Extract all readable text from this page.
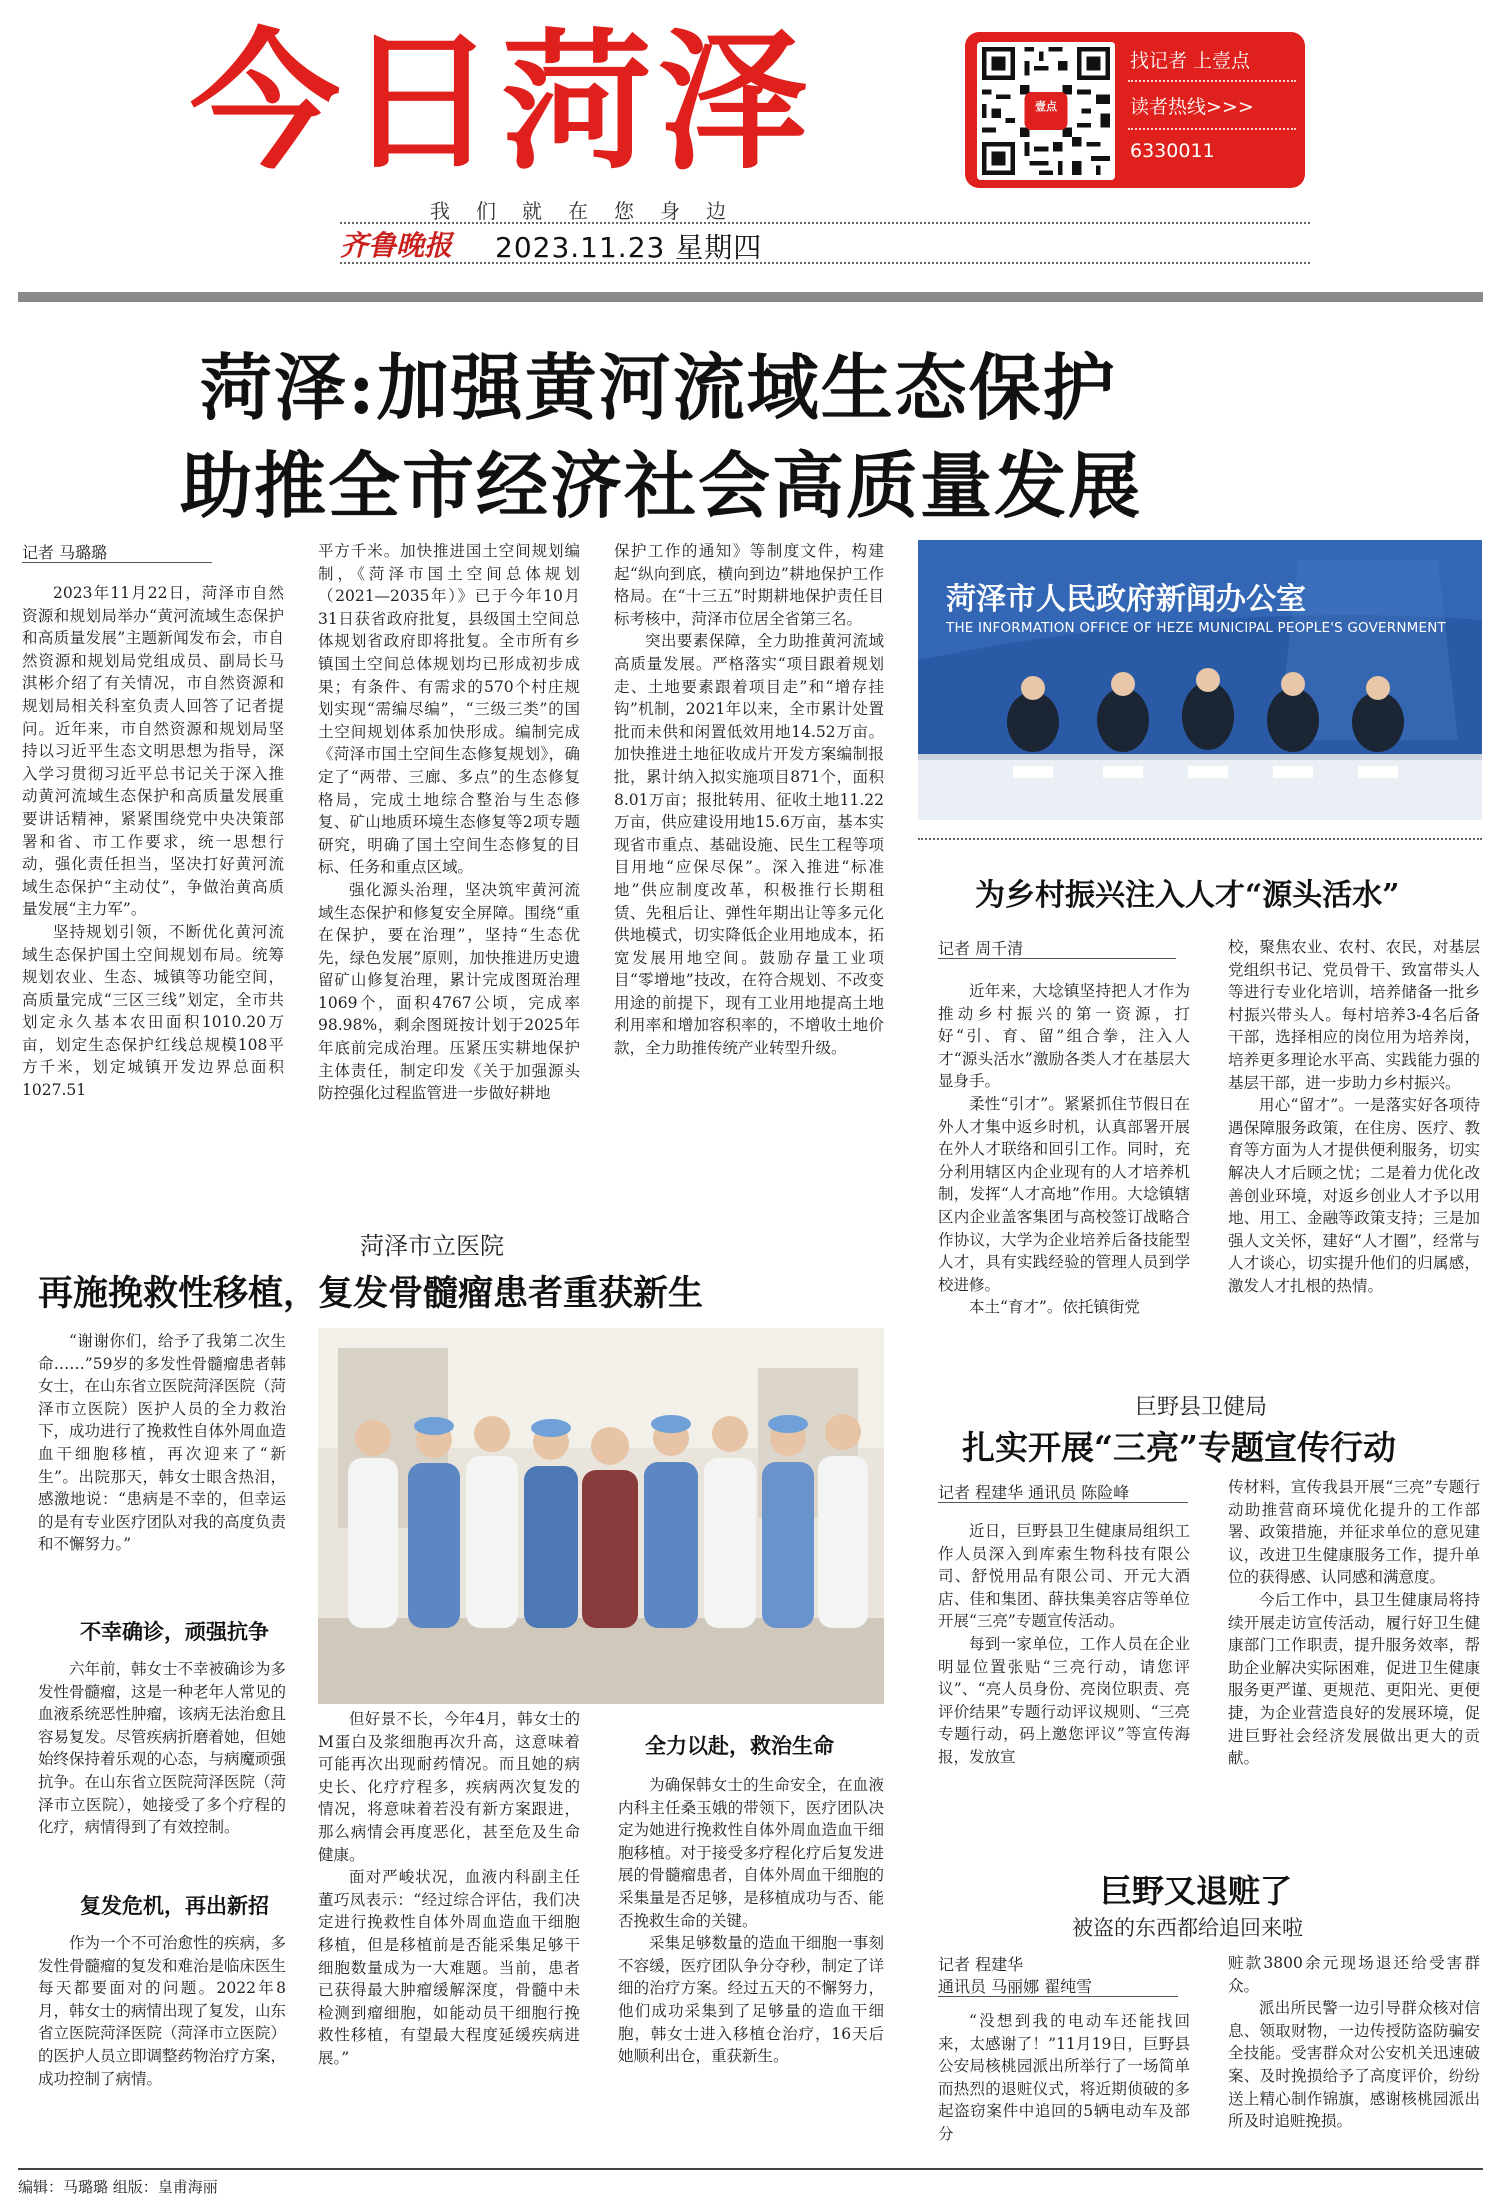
今日菏泽	壹点
找记者 上壹点
读者热线>>>
6330011
我们就在您身边
齐鲁晚报 2023.11.23 星期四
菏泽:加强黄河流域生态保护
助推全市经济社会高质量发展
记者 马璐璐

2023年11月22日，菏泽市自然资源和规划局举办“黄河流域生态保护和高质量发展”主题新闻发布会，市自然资源和规划局党组成员、副局长马淇彬介绍了有关情况，市自然资源和规划局相关科室负责人回答了记者提问。近年来，市自然资源和规划局坚持以习近平生态文明思想为指导，深入学习贯彻习近平总书记关于深入推动黄河流域生态保护和高质量发展重要讲话精神，紧紧围绕党中央决策部署和省、市工作要求，统一思想行动，强化责任担当，坚决打好黄河流域生态保护“主动仗”，争做治黄高质量发展“主力军”。

坚持规划引领，不断优化黄河流域生态保护国土空间规划布局。统筹规划农业、生态、城镇等功能空间，高质量完成“三区三线”划定，全市共划定永久基本农田面积1010.20万亩，划定生态保护红线总规模108平方千米，划定城镇开发边界总面积1027.51

平方千米。加快推进国土空间规划编制，《菏泽市国土空间总体规划（2021—2035年）》已于今年10月31日获省政府批复，县级国土空间总体规划省政府即将批复。全市所有乡镇国土空间总体规划均已形成初步成果；有条件、有需求的570个村庄规划实现“需编尽编”，“三级三类”的国土空间规划体系加快形成。编制完成《菏泽市国土空间生态修复规划》，确定了“两带、三廊、多点”的生态修复格局，完成土地综合整治与生态修复、矿山地质环境生态修复等2项专题研究，明确了国土空间生态修复的目标、任务和重点区域。

强化源头治理，坚决筑牢黄河流域生态保护和修复安全屏障。围绕“重在保护，要在治理”，坚持“生态优先，绿色发展”原则，加快推进历史遗留矿山修复治理，累计完成图斑治理1069个，面积4767公顷，完成率98.98%，剩余图斑按计划于2025年年底前完成治理。压紧压实耕地保护主体责任，制定印发《关于加强源头防控强化过程监管进一步做好耕地

保护工作的通知》等制度文件，构建起“纵向到底，横向到边”耕地保护工作格局。在“十三五”时期耕地保护责任目标考核中，菏泽市位居全省第三名。

突出要素保障，全力助推黄河流域高质量发展。严格落实“项目跟着规划走、土地要素跟着项目走”和“增存挂钩”机制，2021年以来，全市累计处置批而未供和闲置低效用地14.52万亩。加快推进土地征收成片开发方案编制报批，累计纳入拟实施项目871个，面积8.01万亩；报批转用、征收土地11.22万亩，供应建设用地15.6万亩，基本实现省市重点、基础设施、民生工程等项目用地“应保尽保”。深入推进“标准地”供应制度改革，积极推行长期租赁、先租后让、弹性年期出让等多元化供地模式，切实降低企业用地成本，拓宽发展用地空间。鼓励存量工业项目“零增地”技改，在符合规划、不改变用途的前提下，现有工业用地提高土地利用率和增加容积率的，不增收土地价款，全力助推传统产业转型升级。

菏泽市人民政府新闻办公室
THE INFORMATION OFFICE OF HEZE MUNICIPAL PEOPLE'S GOVERNMENT
为乡村振兴注入人才“源头活水”
记者 周千清

近年来，大埝镇坚持把人才作为推动乡村振兴的第一资源，打好“引、育、留”组合拳，注入人才“源头活水”激励各类人才在基层大显身手。

柔性“引才”。紧紧抓住节假日在外人才集中返乡时机，认真部署开展在外人才联络和回引工作。同时，充分利用辖区内企业现有的人才培养机制，发挥“人才高地”作用。大埝镇辖区内企业盖客集团与高校签订战略合作协议，大学为企业培养后备技能型人才，具有实践经验的管理人员到学校进修。

本土“育才”。依托镇街党

校，聚焦农业、农村、农民，对基层党组织书记、党员骨干、致富带头人等进行专业化培训，培养储备一批乡村振兴带头人。每村培养3-4名后备干部，选择相应的岗位用为培养岗，培养更多理论水平高、实践能力强的基层干部，进一步助力乡村振兴。

用心“留才”。一是落实好各项待遇保障服务政策，在住房、医疗、教育等方面为人才提供便利服务，切实解决人才后顾之忧；二是着力优化改善创业环境，对返乡创业人才予以用地、用工、金融等政策支持；三是加强人文关怀，建好“人才圈”，经常与人才谈心，切实提升他们的归属感，激发人才扎根的热情。

菏泽市立医院
再施挽救性移植，复发骨髓瘤患者重获新生

“谢谢你们，给予了我第二次生命……”59岁的多发性骨髓瘤患者韩女士，在山东省立医院菏泽医院（菏泽市立医院）医护人员的全力救治下，成功进行了挽救性自体外周血造血干细胞移植，再次迎来了“新生”。出院那天，韩女士眼含热泪，感激地说：“患病是不幸的，但幸运的是有专业医疗团队对我的高度负责和不懈努力。”

不幸确诊，顽强抗争

六年前，韩女士不幸被确诊为多发性骨髓瘤，这是一种老年人常见的血液系统恶性肿瘤，该病无法治愈且容易复发。尽管疾病折磨着她，但她始终保持着乐观的心态，与病魔顽强抗争。在山东省立医院菏泽医院（菏泽市立医院），她接受了多个疗程的化疗，病情得到了有效控制。

复发危机，再出新招

作为一个不可治愈性的疾病，多发性骨髓瘤的复发和难治是临床医生每天都要面对的问题。2022年8月，韩女士的病情出现了复发，山东省立医院菏泽医院（菏泽市立医院）的医护人员立即调整药物治疗方案，成功控制了病情。

但好景不长，今年4月，韩女士的M蛋白及浆细胞再次升高，这意味着可能再次出现耐药情况。而且她的病史长、化疗疗程多，疾病两次复发的情况，将意味着若没有新方案跟进，那么病情会再度恶化，甚至危及生命健康。

面对严峻状况，血液内科副主任董巧凤表示：“经过综合评估，我们决定进行挽救性自体外周血造血干细胞移植，但是移植前是否能采集足够干细胞数量成为一大难题。当前，患者已获得最大肿瘤缓解深度，骨髓中未检测到瘤细胞，如能动员干细胞行挽救性移植，有望最大程度延缓疾病进展。”

全力以赴，救治生命

为确保韩女士的生命安全，在血液内科主任桑玉娥的带领下，医疗团队决定为她进行挽救性自体外周血造血干细胞移植。对于接受多疗程化疗后复发进展的骨髓瘤患者，自体外周血干细胞的采集量是否足够，是移植成功与否、能否挽救生命的关键。

采集足够数量的造血干细胞一事刻不容缓，医疗团队争分夺秒，制定了详细的治疗方案。经过五天的不懈努力，他们成功采集到了足够量的造血干细胞，韩女士进入移植仓治疗，16天后她顺利出仓，重获新生。

巨野县卫健局
扎实开展“三亮”专题宣传行动
记者 程建华 通讯员 陈险峰

近日，巨野县卫生健康局组织工作人员深入到库索生物科技有限公司、舒悦用品有限公司、开元大酒店、佳和集团、薛扶集美容店等单位开展“三亮”专题宣传活动。

每到一家单位，工作人员在企业明显位置张贴“三亮行动，请您评议”、“亮人员身份、亮岗位职责、亮评价结果”专题行动评议规则、“三亮专题行动，码上邀您评议”等宣传海报，发放宣

传材料，宣传我县开展“三亮”专题行动助推营商环境优化提升的工作部署、政策措施，并征求单位的意见建议，改进卫生健康服务工作，提升单位的获得感、认同感和满意度。

今后工作中，县卫生健康局将持续开展走访宣传活动，履行好卫生健康部门工作职责，提升服务效率，帮助企业解决实际困难，促进卫生健康服务更严谨、更规范、更阳光、更便捷，为企业营造良好的发展环境，促进巨野社会经济发展做出更大的贡献。

巨野又退赃了
被盗的东西都给追回来啦
记者 程建华
通讯员 马丽娜 翟纯雪

“没想到我的电动车还能找回来，太感谢了！”11月19日，巨野县公安局核桃园派出所举行了一场简单而热烈的退赃仪式，将近期侦破的多起盗窃案件中追回的5辆电动车及部分

赃款3800余元现场退还给受害群众。

派出所民警一边引导群众核对信息、领取财物，一边传授防盗防骗安全技能。受害群众对公安机关迅速破案、及时挽损给予了高度评价，纷纷送上精心制作锦旗，感谢核桃园派出所及时追赃挽损。

编辑：马璐璐 组版：皇甫海丽
